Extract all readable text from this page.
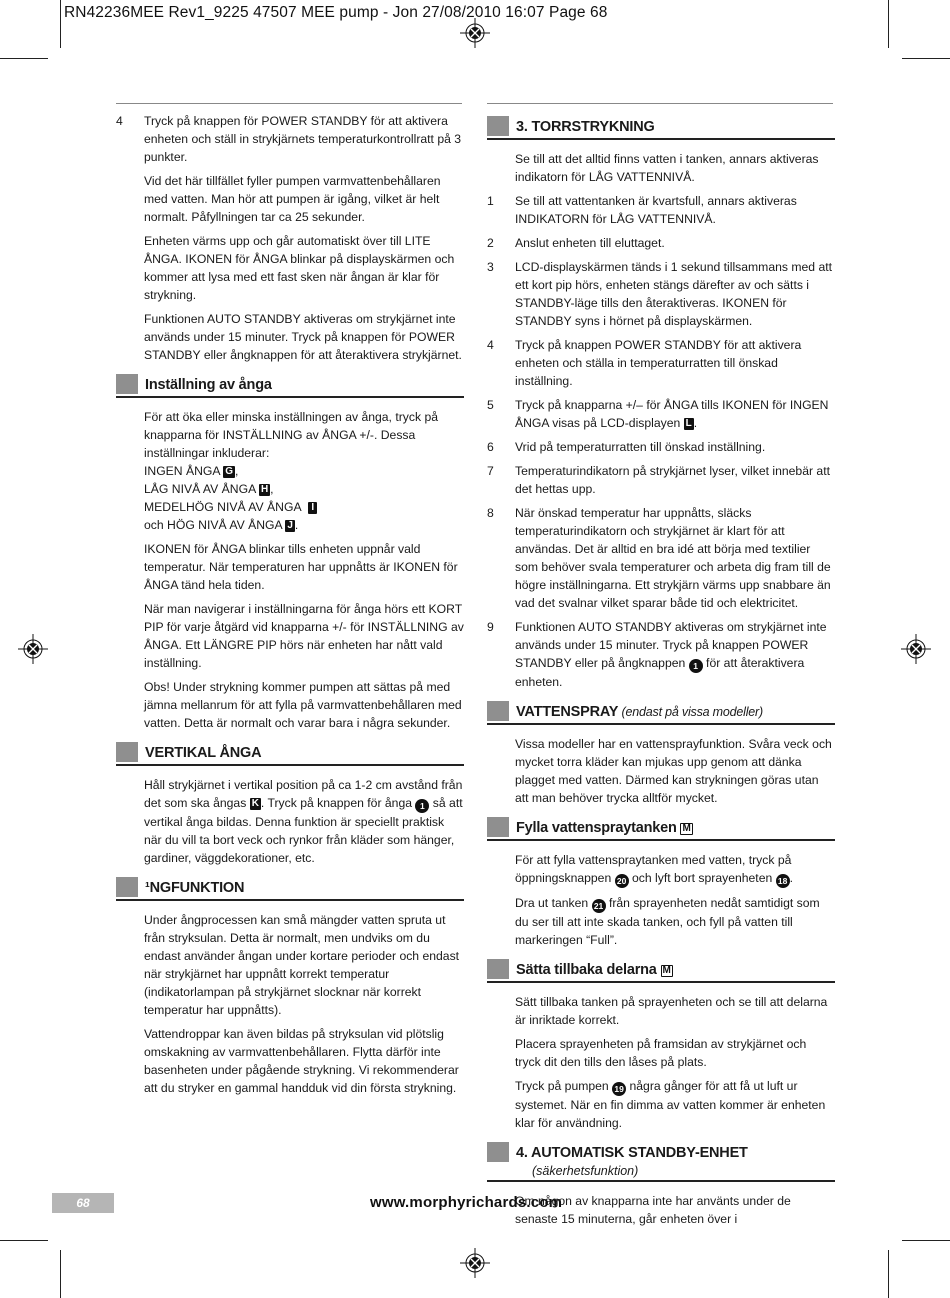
RN42236MEE Rev1_9225 47507 MEE pump - Jon 27/08/2010 16:07 Page 68
4 Tryck på knappen för POWER STANDBY för att aktivera enheten och ställ in strykjärnets temperaturkontrollratt på 3 punkter.

Vid det här tillfället fyller pumpen varmvattenbehållaren med vatten. Man hör att pumpen är igång, vilket är helt normalt. Påfyllningen tar ca 25 sekunder.

Enheten värms upp och går automatiskt över till LITE ÅNGA. IKONEN för ÅNGA blinkar på displayskärmen och kommer att lysa med ett fast sken när ångan är klar för strykning.

Funktionen AUTO STANDBY aktiveras om strykjärnet inte används under 15 minuter. Tryck på knappen för POWER STANDBY eller ångknappen för att återaktivera strykjärnet.

Inställning av ånga

För att öka eller minska inställningen av ånga, tryck på knapparna för INSTÄLLNING av ÅNGA +/-. Dessa inställningar inkluderar:
INGEN ÅNGA G ,
LÅG NIVÅ AV ÅNGA H ,
MEDELHÖG NIVÅ AV ÅNGA I
och HÖG NIVÅ AV ÅNGA J .

IKONEN för ÅNGA blinkar tills enheten uppnår vald temperatur. När temperaturen har uppnåtts är IKONEN för ÅNGA tänd hela tiden.

När man navigerar i inställningarna för ånga hörs ett KORT PIP för varje åtgärd vid knapparna +/- för INSTÄLLNING av ÅNGA. Ett LÄNGRE PIP hörs när enheten har nått vald inställning.

Obs! Under strykning kommer pumpen att sättas på med jämna mellanrum för att fylla på varmvattenbehållaren med vatten. Detta är normalt och varar bara i några sekunder.

VERTIKAL ÅNGA

Håll strykjärnet i vertikal position på ca 1-2 cm avstånd från det som ska ångas K . Tryck på knappen för ånga 1 så att vertikal ånga bildas. Denna funktion är speciellt praktisk när du vill ta bort veck och rynkor från kläder som hänger, gardiner, väggdekorationer, etc.

¹NGFUNKTION

Under ångprocessen kan små mängder vatten spruta ut från stryksulan. Detta är normalt, men undviks om du endast använder ångan under kortare perioder och endast när strykjärnet har uppnått korrekt temperatur (indikatorlampan på strykjärnet slocknar när korrekt temperatur har uppnåtts).

Vattendroppar kan även bildas på stryksulan vid plötslig omskakning av varmvattenbehållaren. Flytta därför inte basenheten under pågående strykning. Vi rekommenderar att du stryker en gammal handduk vid din första strykning.

3. TORRSTRYKNING

Se till att det alltid finns vatten i tanken, annars aktiveras indikatorn för LÅG VATTENNIVÅ.

1 Se till att vattentanken är kvartsfull, annars aktiveras INDIKATORN för LÅG VATTENNIVÅ.
2 Anslut enheten till eluttaget.
3 LCD-displayskärmen tänds i 1 sekund tillsammans med att ett kort pip hörs, enheten stängs därefter av och sätts i STANDBY-läge tills den återaktiveras. IKONEN för STANDBY syns i hörnet på displayskärmen.
4 Tryck på knappen POWER STANDBY för att aktivera enheten och ställa in temperaturratten till önskad inställning.
5 Tryck på knapparna +/– för ÅNGA tills IKONEN för INGEN ÅNGA visas på LCD-displayen L .
6 Vrid på temperaturratten till önskad inställning.
7 Temperaturindikatorn på strykjärnet lyser, vilket innebär att det hettas upp.
8 När önskad temperatur har uppnåtts, släcks temperaturindikatorn och strykjärnet är klart för att användas. Det är alltid en bra idé att börja med textilier som behöver svala temperaturer och arbeta dig fram till de högre inställningarna. Ett strykjärn värms upp snabbare än vad det svalnar vilket sparar både tid och elektricitet.
9 Funktionen AUTO STANDBY aktiveras om strykjärnet inte används under 15 minuter. Tryck på knappen POWER STANDBY eller på ångknappen 1 för att återaktivera enheten.
VATTENSPRAY (endast på vissa modeller)

Vissa modeller har en vattensprayfunktion. Svåra veck och mycket torra kläder kan mjukas upp genom att dänka plagget med vatten. Därmed kan strykningen göras utan att man behöver trycka alltför mycket.

Fylla vattenspraytanken M

För att fylla vattenspraytanken med vatten, tryck på öppningsknappen 20 och lyft bort sprayenheten 18 .

Dra ut tanken 21 från sprayenheten nedåt samtidigt som du ser till att inte skada tanken, och fyll på vatten till markeringen “Full”.

Sätta tillbaka delarna M

Sätt tillbaka tanken på sprayenheten och se till att delarna är inriktade korrekt.

Placera sprayenheten på framsidan av strykjärnet och tryck dit den tills den låses på plats.

Tryck på pumpen 19 några gånger för att få ut luft ur systemet. När en fin dimma av vatten kommer är enheten klar för användning.

4. AUTOMATISK STANDBY-ENHET
(säkerhetsfunktion)

Om någon av knapparna inte har använts under de senaste 15 minuterna, går enheten över i

68	www.morphyrichards.com
